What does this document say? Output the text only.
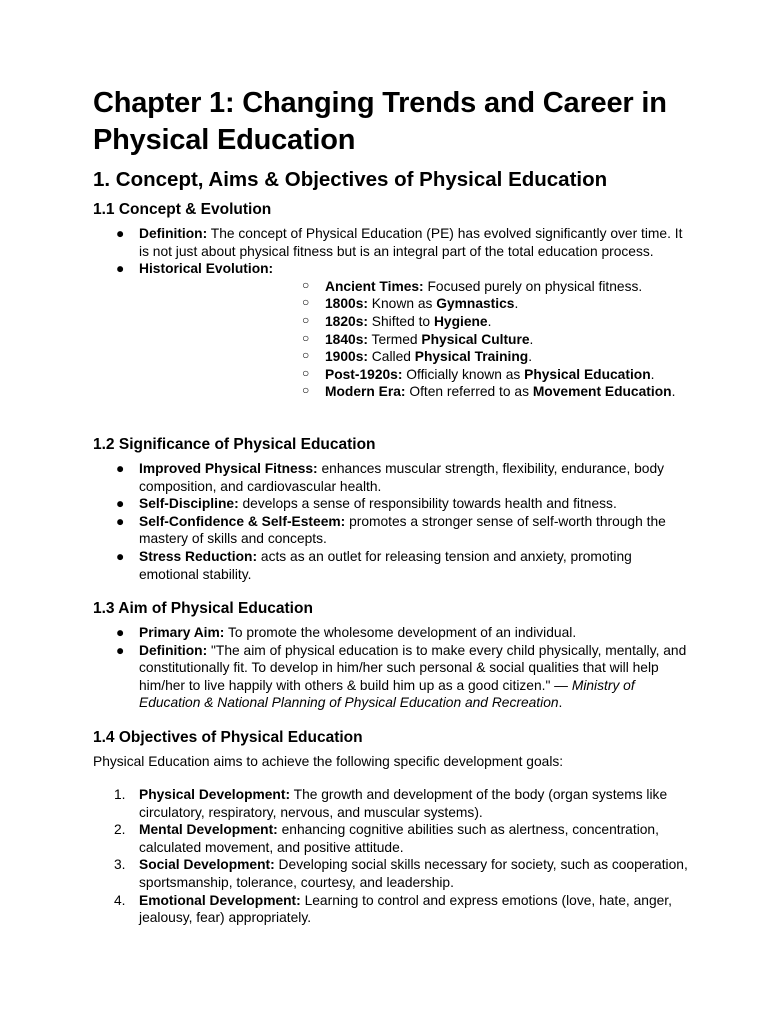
Chapter 1: Changing Trends and Career in Physical Education
1. Concept, Aims & Objectives of Physical Education
1.1 Concept & Evolution
● Definition: The concept of Physical Education (PE) has evolved significantly over time. It is not just about physical fitness but is an integral part of the total education process.
● Historical Evolution:
○ Ancient Times: Focused purely on physical fitness.
○ 1800s: Known as Gymnastics.
○ 1820s: Shifted to Hygiene.
○ 1840s: Termed Physical Culture.
○ 1900s: Called Physical Training.
○ Post-1920s: Officially known as Physical Education.
○ Modern Era: Often referred to as Movement Education.
1.2 Significance of Physical Education
● Improved Physical Fitness: enhances muscular strength, flexibility, endurance, body composition, and cardiovascular health.
● Self-Discipline: develops a sense of responsibility towards health and fitness.
● Self-Confidence & Self-Esteem: promotes a stronger sense of self-worth through the mastery of skills and concepts.
● Stress Reduction: acts as an outlet for releasing tension and anxiety, promoting emotional stability.
1.3 Aim of Physical Education
● Primary Aim: To promote the wholesome development of an individual.
● Definition: "The aim of physical education is to make every child physically, mentally, and constitutionally fit. To develop in him/her such personal & social qualities that will help him/her to live happily with others & build him up as a good citizen." — Ministry of Education & National Planning of Physical Education and Recreation.
1.4 Objectives of Physical Education

Physical Education aims to achieve the following specific development goals:

1. Physical Development: The growth and development of the body (organ systems like circulatory, respiratory, nervous, and muscular systems).
2. Mental Development: enhancing cognitive abilities such as alertness, concentration, calculated movement, and positive attitude.
3. Social Development: Developing social skills necessary for society, such as cooperation, sportsmanship, tolerance, courtesy, and leadership.
4. Emotional Development: Learning to control and express emotions (love, hate, anger, jealousy, fear) appropriately.
